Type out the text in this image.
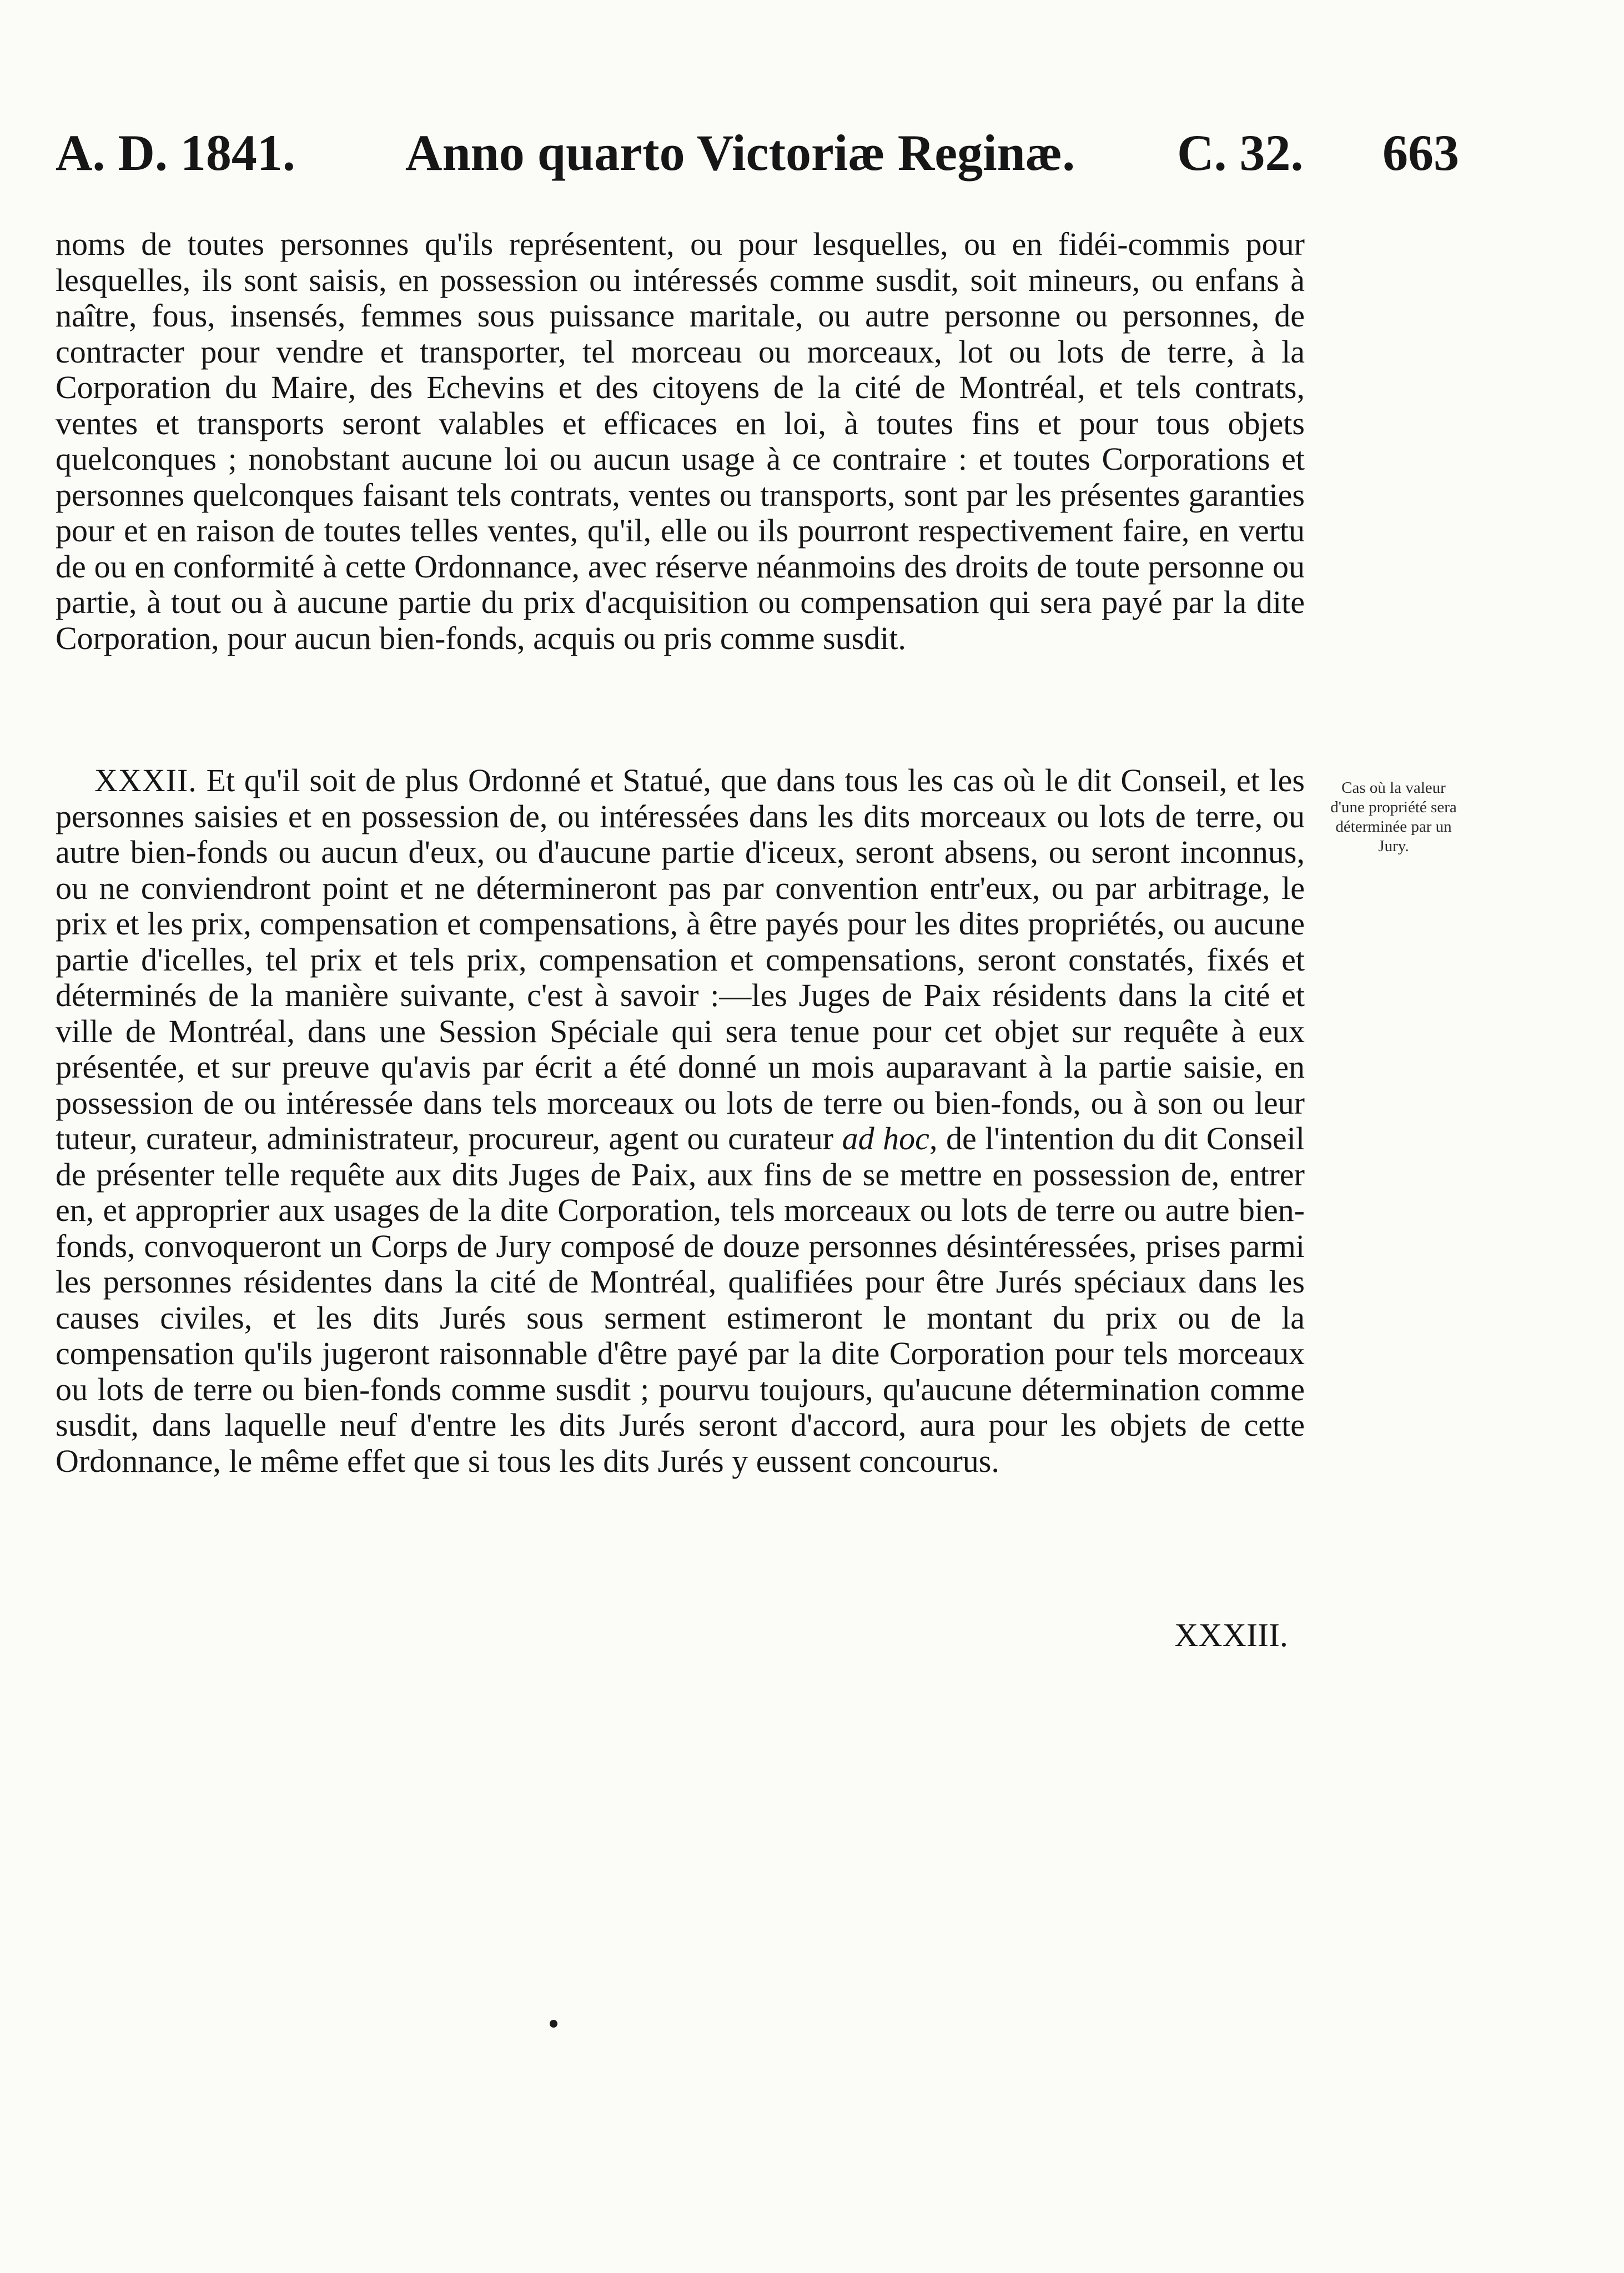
A. D. 1841. Anno quarto Victoriæ Reginæ. C. 32. 663
noms de toutes personnes qu'ils représentent, ou pour lesquelles, ou en fidéi-commis pour lesquelles, ils sont saisis, en possession ou intéressés comme susdit, soit mineurs, ou enfans à naître, fous, insensés, femmes sous puissance maritale, ou autre personne ou personnes, de contracter pour vendre et transporter, tel morceau ou morceaux, lot ou lots de terre, à la Corporation du Maire, des Echevins et des citoyens de la cité de Montréal, et tels contrats, ventes et transports seront valables et efficaces en loi, à toutes fins et pour tous objets quelconques ; nonobstant aucune loi ou aucun usage à ce contraire : et toutes Corporations et personnes quelconques faisant tels contrats, ventes ou transports, sont par les présentes garanties pour et en raison de toutes telles ventes, qu'il, elle ou ils pourront respectivement faire, en vertu de ou en conformité à cette Ordonnance, avec réserve néanmoins des droits de toute personne ou partie, à tout ou à aucune partie du prix d'acquisition ou compensation qui sera payé par la dite Corporation, pour aucun bien-fonds, acquis ou pris comme susdit.
XXXII. Et qu'il soit de plus Ordonné et Statué, que dans tous les cas où le dit Conseil, et les personnes saisies et en possession de, ou intéressées dans les dits morceaux ou lots de terre, ou autre bien-fonds ou aucun d'eux, ou d'aucune partie d'iceux, seront absens, ou seront inconnus, ou ne conviendront point et ne détermineront pas par convention entr'eux, ou par arbitrage, le prix et les prix, compensation et compensations, à être payés pour les dites propriétés, ou aucune partie d'icelles, tel prix et tels prix, compensation et compensations, seront constatés, fixés et déterminés de la manière suivante, c'est à savoir :—les Juges de Paix résidents dans la cité et ville de Montréal, dans une Session Spéciale qui sera tenue pour cet objet sur requête à eux présentée, et sur preuve qu'avis par écrit a été donné un mois auparavant à la partie saisie, en possession de ou intéressée dans tels morceaux ou lots de terre ou bien-fonds, ou à son ou leur tuteur, curateur, administrateur, procureur, agent ou curateur ad hoc, de l'intention du dit Conseil de présenter telle requête aux dits Juges de Paix, aux fins de se mettre en possession de, entrer en, et approprier aux usages de la dite Corporation, tels morceaux ou lots de terre ou autre bien-fonds, convoqueront un Corps de Jury composé de douze personnes désintéressées, prises parmi les personnes résidentes dans la cité de Montréal, qualifiées pour être Jurés spéciaux dans les causes civiles, et les dits Jurés sous serment estimeront le montant du prix ou de la compensation qu'ils jugeront raisonnable d'être payé par la dite Corporation pour tels morceaux ou lots de terre ou bien-fonds comme susdit ; pourvu toujours, qu'aucune détermination comme susdit, dans laquelle neuf d'entre les dits Jurés seront d'accord, aura pour les objets de cette Ordonnance, le même effet que si tous les dits Jurés y eussent concourus.
Cas où la valeur d'une propriété sera déterminée par un Jury.
XXXIII.
